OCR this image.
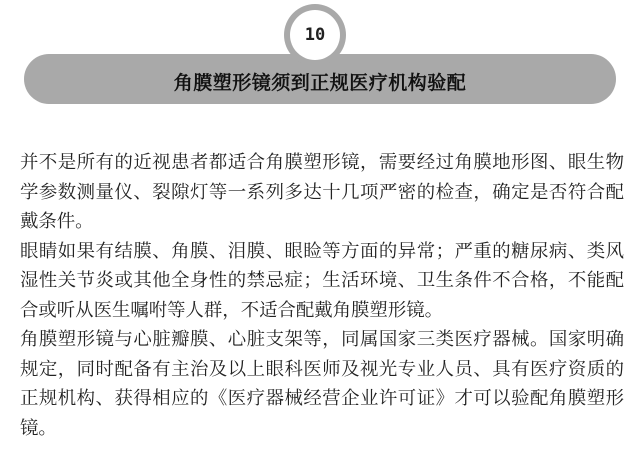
10
角膜塑形镜须到正规医疗机构验配

并不是所有的近视患者都适合角膜塑形镜，需要经过角膜地形图、眼生物学参数测量仪、裂隙灯等一系列多达十几项严密的检查，确定是否符合配戴条件。

眼睛如果有结膜、角膜、泪膜、眼睑等方面的异常；严重的糖尿病、类风湿性关节炎或其他全身性的禁忌症；生活环境、卫生条件不合格，不能配合或听从医生嘱咐等人群，不适合配戴角膜塑形镜。

角膜塑形镜与心脏瓣膜、心脏支架等，同属国家三类医疗器械。国家明确规定，同时配备有主治及以上眼科医师及视光专业人员、具有医疗资质的正规机构、获得相应的《医疗器械经营企业许可证》才可以验配角膜塑形镜。
